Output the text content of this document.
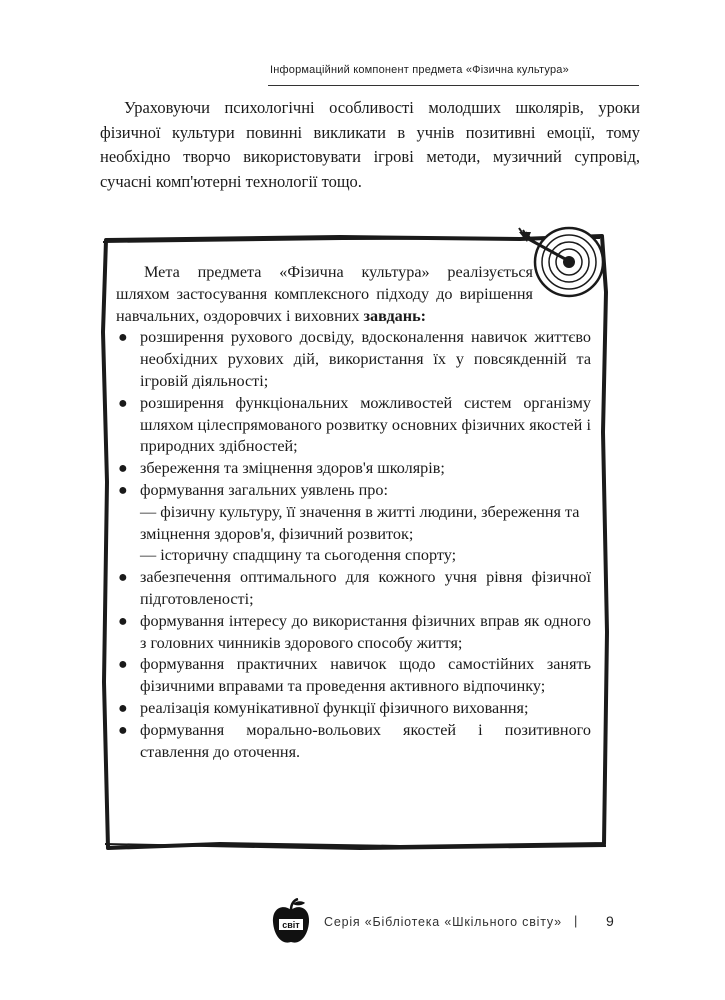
Інформаційний компонент предмета «Фізична культура»

Ураховуючи психологічні особливості молодших школярів, уроки фізичної культури повинні викликати в учнів позитивні емоції, тому необхідно творчо використовувати ігрові методи, музичний супровід, сучасні комп'ютерні технології тощо.

Мета предмета «Фізична культура» реалізується шляхом застосування комплексного підходу до вирішення навчальних, оздоровчих і виховних завдань:

● розширення рухового досвіду, вдосконалення навичок життєво необхідних рухових дій, використання їх у повсякденній та ігровій діяльності;
● розширення функціональних можливостей систем організму шляхом цілеспрямованого розвитку основних фізичних якостей і природних здібностей;
● збереження та зміцнення здоров'я школярів;
● формування загальних уявлень про:
— фізичну культуру, її значення в житті людини, збереження та зміцнення здоров'я, фізичний розвиток;
— історичну спадщину та сьогодення спорту;
● забезпечення оптимального для кожного учня рівня фізичної підготовленості;
● формування інтересу до використання фізичних вправ як одного з головних чинників здорового способу життя;
● формування практичних навичок щодо самостійних занять фізичними вправами та проведення активного відпочинку;
● реалізація комунікативної функції фізичного виховання;
● формування морально-вольових якостей і позитивного ставлення до оточення.
світ Серія «Бібліотека «Шкільного світу» | 9
